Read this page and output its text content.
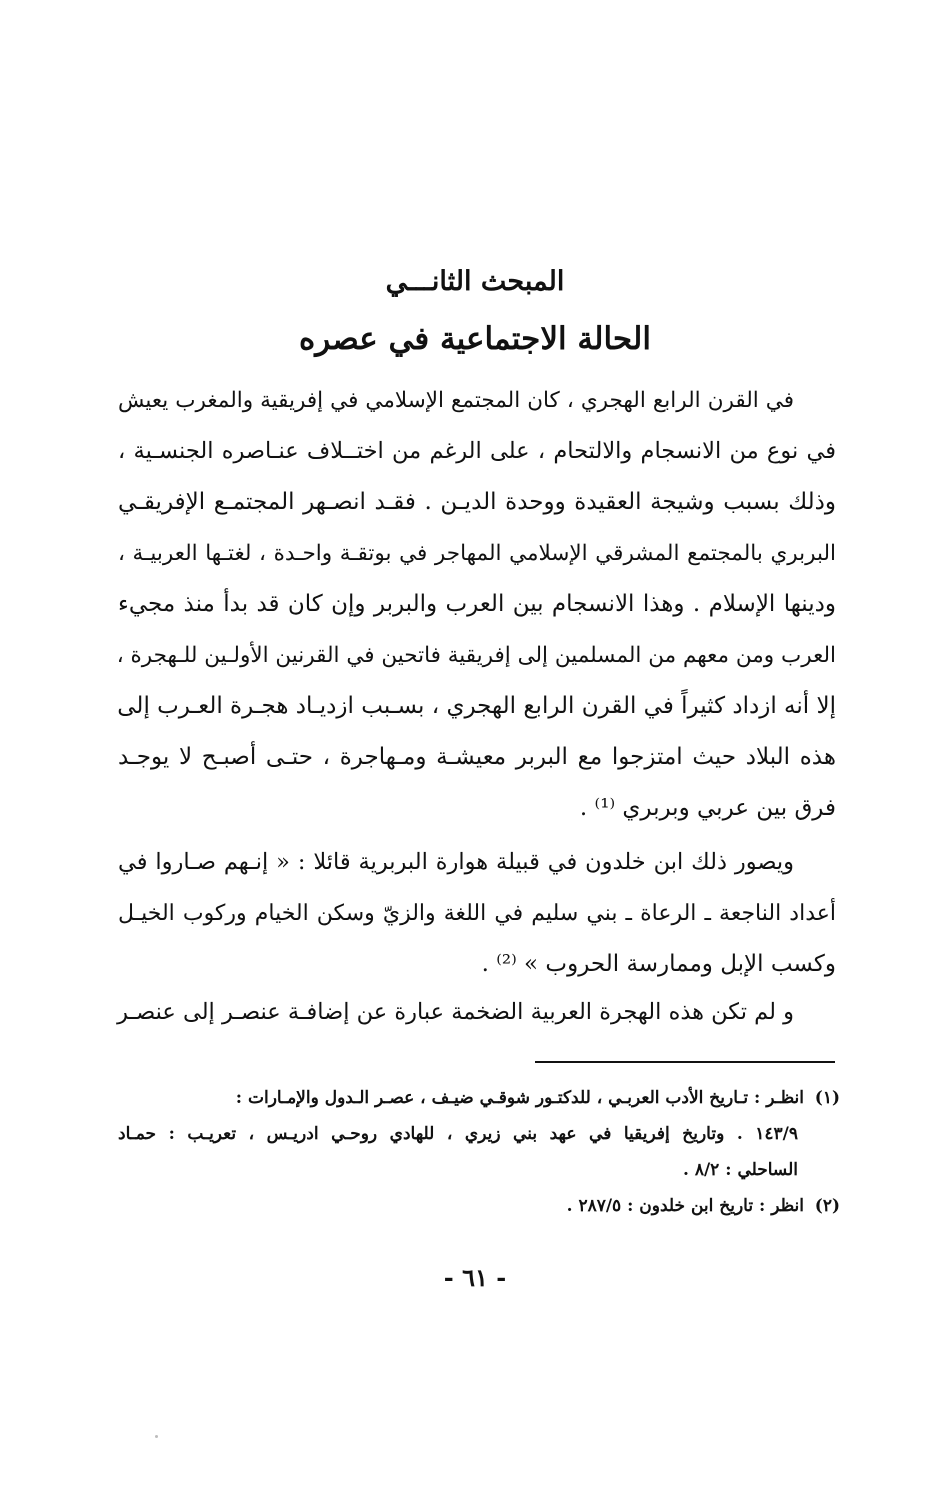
المبحث الثانـــي
الحالة الاجتماعية في عصره
في القرن الرابع الهجري ، كان المجتمع الإسلامي في إفريقية والمغرب يعيش
في نوع من الانسجام والالتحام ، على الرغم من اختــلاف عنـاصره الجنسـية ،
وذلك بسبب وشيجة العقيدة ووحدة الديـن . فقـد انصـهر المجتمـع الإفريقـي
البربري بالمجتمع المشرقي الإسلامي المهاجر في بوتقـة واحـدة ، لغتـها العربيـة ،
ودينها الإسلام . وهذا الانسجام بين العرب والبربر وإن كان قد بدأ منذ مجيء
العرب ومن معهم من المسلمين إلى إفريقية فاتحين في القرنين الأولـين للـهجرة ،
إلا أنه ازداد كثيراً في القرن الرابع الهجري ، بسـبب ازديـاد هجـرة العـرب إلى
هذه البلاد حيث امتزجوا مع البربر معيشـة ومـهاجرة ، حتـى أصبـح لا يوجـد
فرق بين عربي وبربري ⁽¹⁾ .
ويصور ذلك ابن خلدون في قبيلة هوارة البربرية قائلا : « إنـهم صـاروا في
أعداد الناجعة ـ الرعاة ـ بني سليم في اللغة والزيّ وسكن الخيام وركوب الخيـل
وكسب الإبل وممارسة الحروب » ⁽²⁾ .
و لم تكن هذه الهجرة العربية الضخمة عبارة عن إضافـة عنصـر إلى عنصـر
(١)انظـر : تـاريخ الأدب العربـي ، للدكتـور شوقـي ضيـف ، عصـر الـدول والإمـارات :
١٤٣/٩ . وتاريخ إفريقيا في عهد بني زيري ، للهادي روحـي ادريـس ، تعريـب : حمـاد
الساحلي : ٨/٢ .
(٢)انظر : تاريخ ابن خلدون : ٢٨٧/٥ .
- ٦١ -
